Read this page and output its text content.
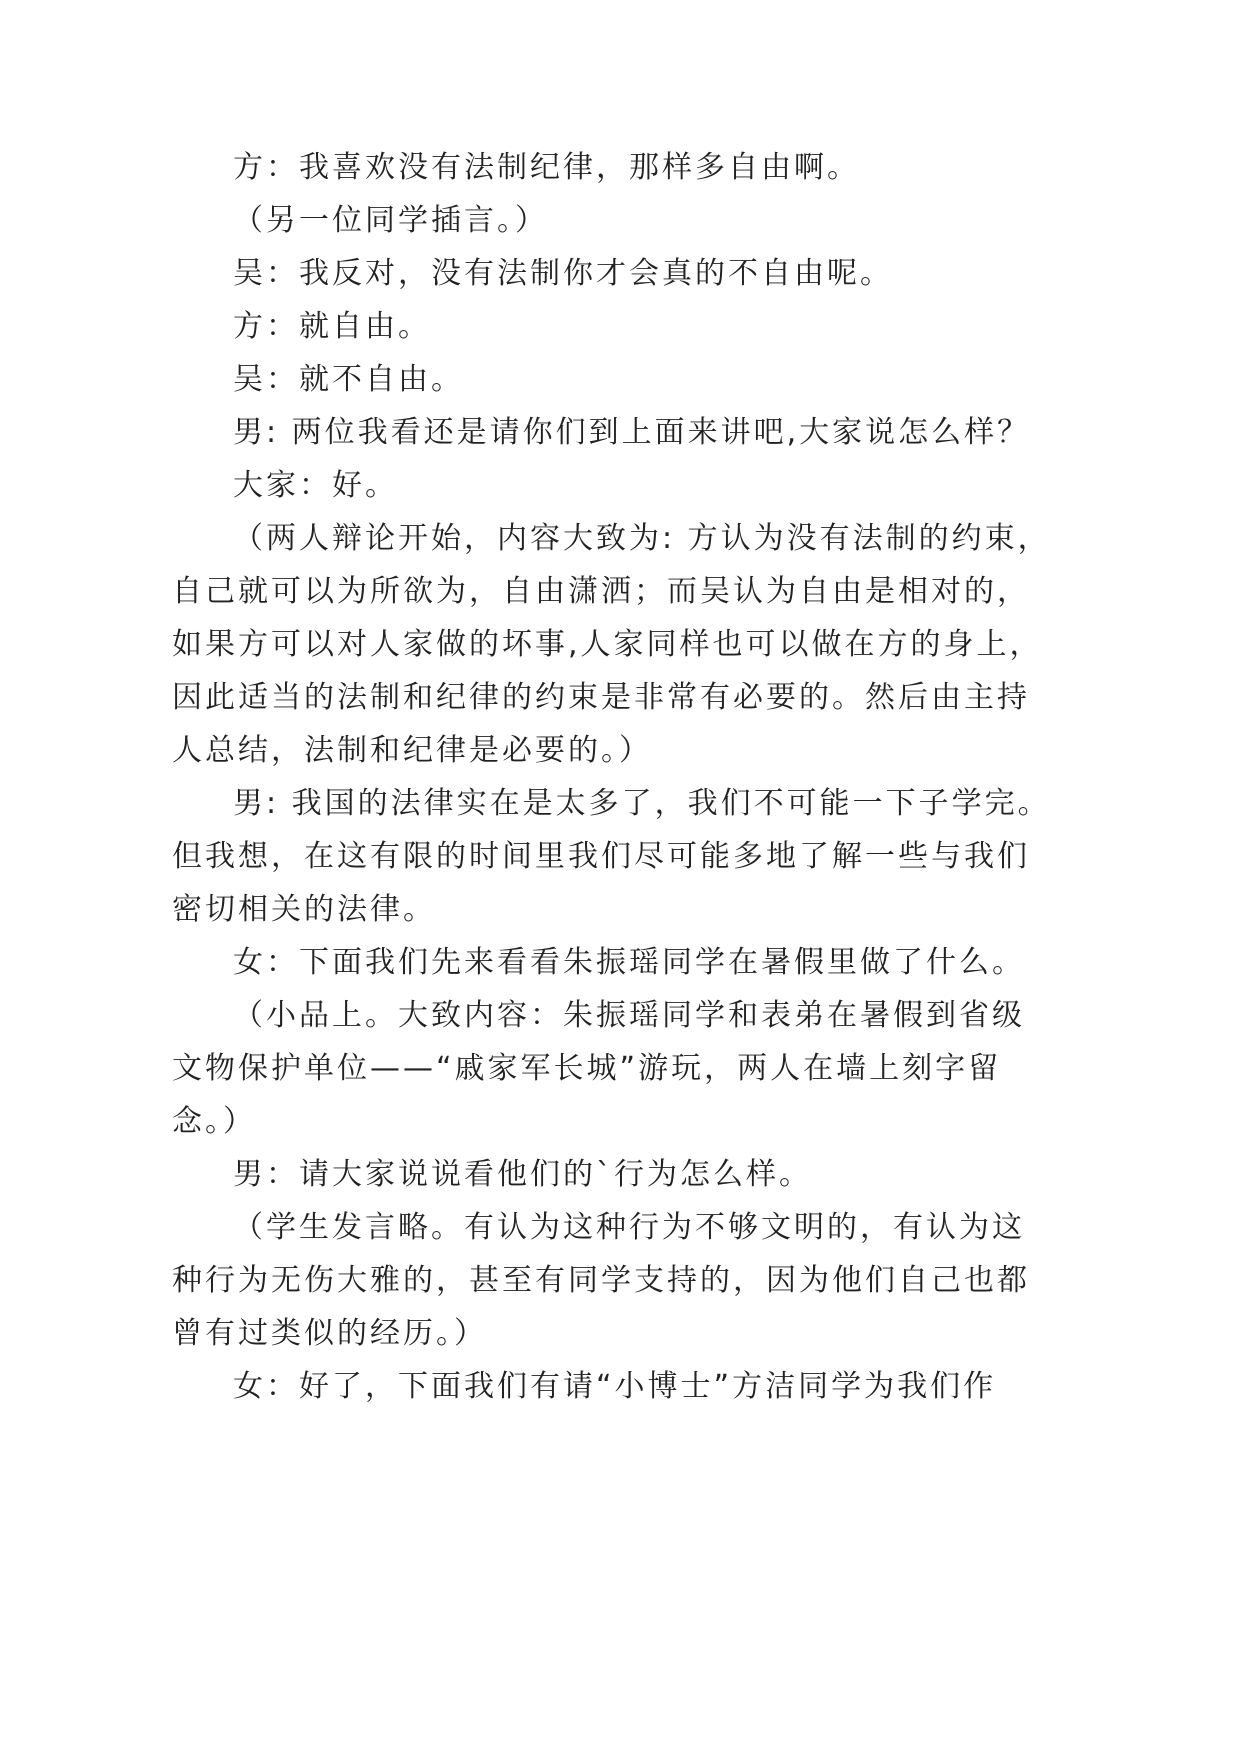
方：我喜欢没有法制纪律，那样多自由啊。
（另一位同学插言。）
吴：我反对，没有法制你才会真的不自由呢。
方：就自由。
吴：就不自由。
男: 两位我看还是请你们到上面来讲吧,大家说怎么样？
大家：好。
（两人辩论开始，内容大致为: 方认为没有法制的约束，
自己就可以为所欲为，自由潇洒；而吴认为自由是相对的，
如果方可以对人家做的坏事,人家同样也可以做在方的身上，
因此适当的法制和纪律的约束是非常有必要的。然后由主持
人总结，法制和纪律是必要的。）
男: 我国的法律实在是太多了，我们不可能一下子学完。
但我想，在这有限的时间里我们尽可能多地了解一些与我们
密切相关的法律。
女：下面我们先来看看朱振瑶同学在暑假里做了什么。
（小品上。大致内容：朱振瑶同学和表弟在暑假到省级
文物保护单位——“戚家军长城”游玩，两人在墙上刻字留
念。）
男：请大家说说看他们的`行为怎么样。
（学生发言略。有认为这种行为不够文明的，有认为这
种行为无伤大雅的，甚至有同学支持的，因为他们自己也都
曾有过类似的经历。）
女：好了，下面我们有请“小博士”方洁同学为我们作
